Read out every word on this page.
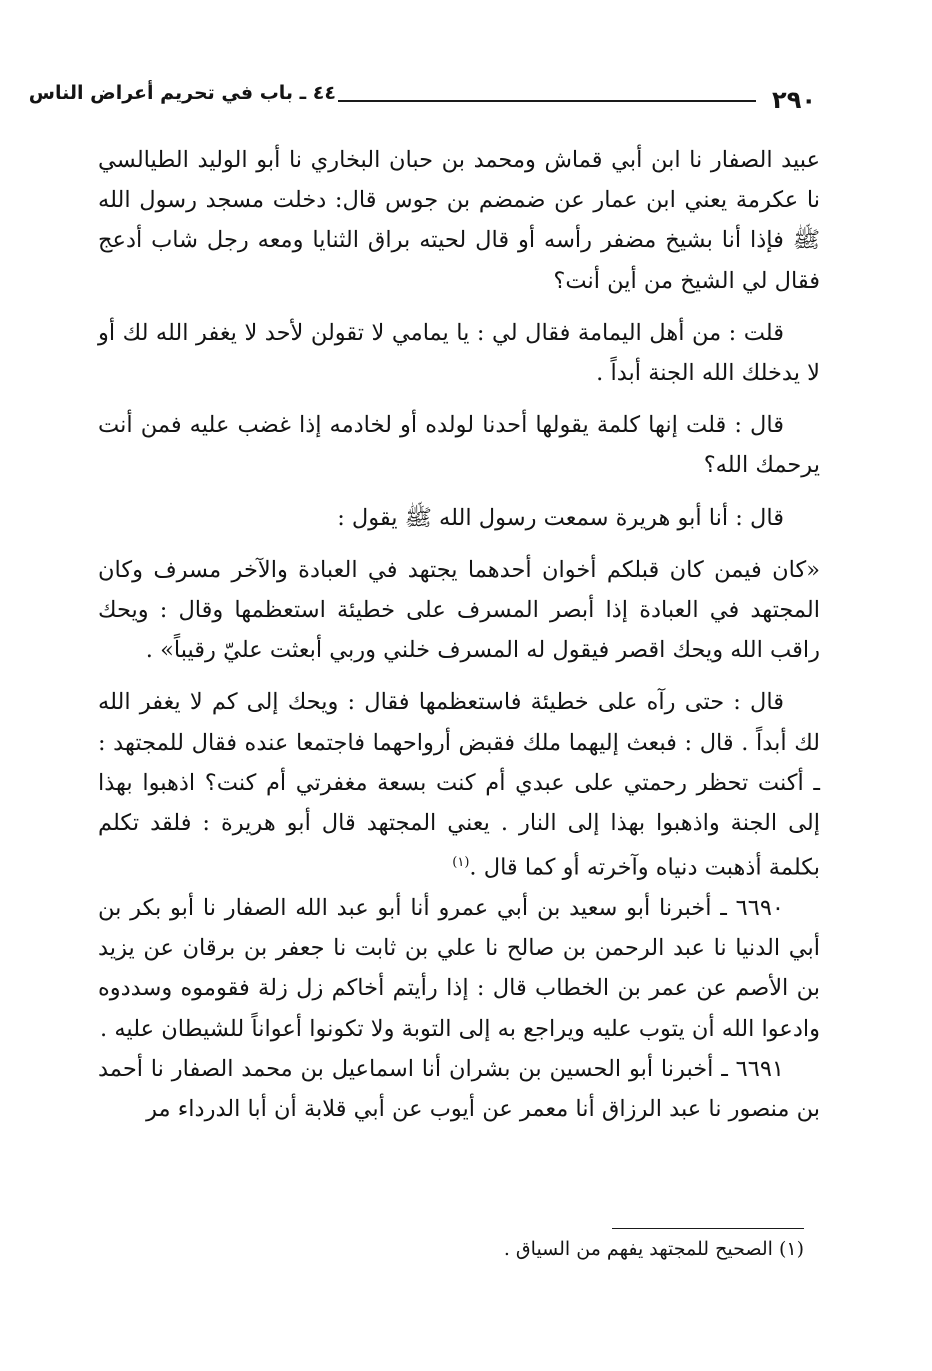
٢٩٠
٤٤ ـ باب في تحريم أعراض الناس

عبيد الصفار نا ابن أبي قماش ومحمد بن حبان البخاري نا أبو الوليد الطيالسي نا عكرمة يعني ابن عمار عن ضمضم بن جوس قال: دخلت مسجد رسول الله ﷺ فإذا أنا بشيخ مضفر رأسه أو قال لحيته براق الثنايا ومعه رجل شاب أدعج فقال لي الشيخ من أين أنت؟

قلت : من أهل اليمامة فقال لي : يا يمامي لا تقولن لأحد لا يغفر الله لك أو لا يدخلك الله الجنة أبداً .

قال : قلت إنها كلمة يقولها أحدنا لولده أو لخادمه إذا غضب عليه فمن أنت يرحمك الله؟

قال : أنا أبو هريرة سمعت رسول الله ﷺ يقول :

«كان فيمن كان قبلكم أخوان أحدهما يجتهد في العبادة والآخر مسرف وكان المجتهد في العبادة إذا أبصر المسرف على خطيئة استعظمها وقال : ويحك راقب الله ويحك اقصر فيقول له المسرف خلني وربي أبعثت عليّ رقيباً» .

قال : حتى رآه على خطيئة فاستعظمها فقال : ويحك إلى كم لا يغفر الله لك أبداً . قال : فبعث إليهما ملك فقبض أرواحهما فاجتمعا عنده فقال للمجتهد : ـ أكنت تحظر رحمتي على عبدي أم كنت بسعة مغفرتي أم كنت؟ اذهبوا بهذا إلى الجنة واذهبوا بهذا إلى النار . يعني المجتهد قال أبو هريرة : فلقد تكلم بكلمة أذهبت دنياه وآخرته أو كما قال .$^{(١)}$

٦٦٩٠ ـ أخبرنا أبو سعيد بن أبي عمرو أنا أبو عبد الله الصفار نا أبو بكر بن أبي الدنيا نا عبد الرحمن بن صالح نا علي بن ثابت نا جعفر بن برقان عن يزيد بن الأصم عن عمر بن الخطاب قال : إذا رأيتم أخاكم زل زلة فقوموه وسددوه وادعوا الله أن يتوب عليه ويراجع به إلى التوبة ولا تكونوا أعواناً للشيطان عليه .

٦٦٩١ ـ أخبرنا أبو الحسين بن بشران أنا اسماعيل بن محمد الصفار نا أحمد بن منصور نا عبد الرزاق أنا معمر عن أيوب عن أبي قلابة أن أبا الدرداء مر

(١) الصحيح للمجتهد يفهم من السياق .
